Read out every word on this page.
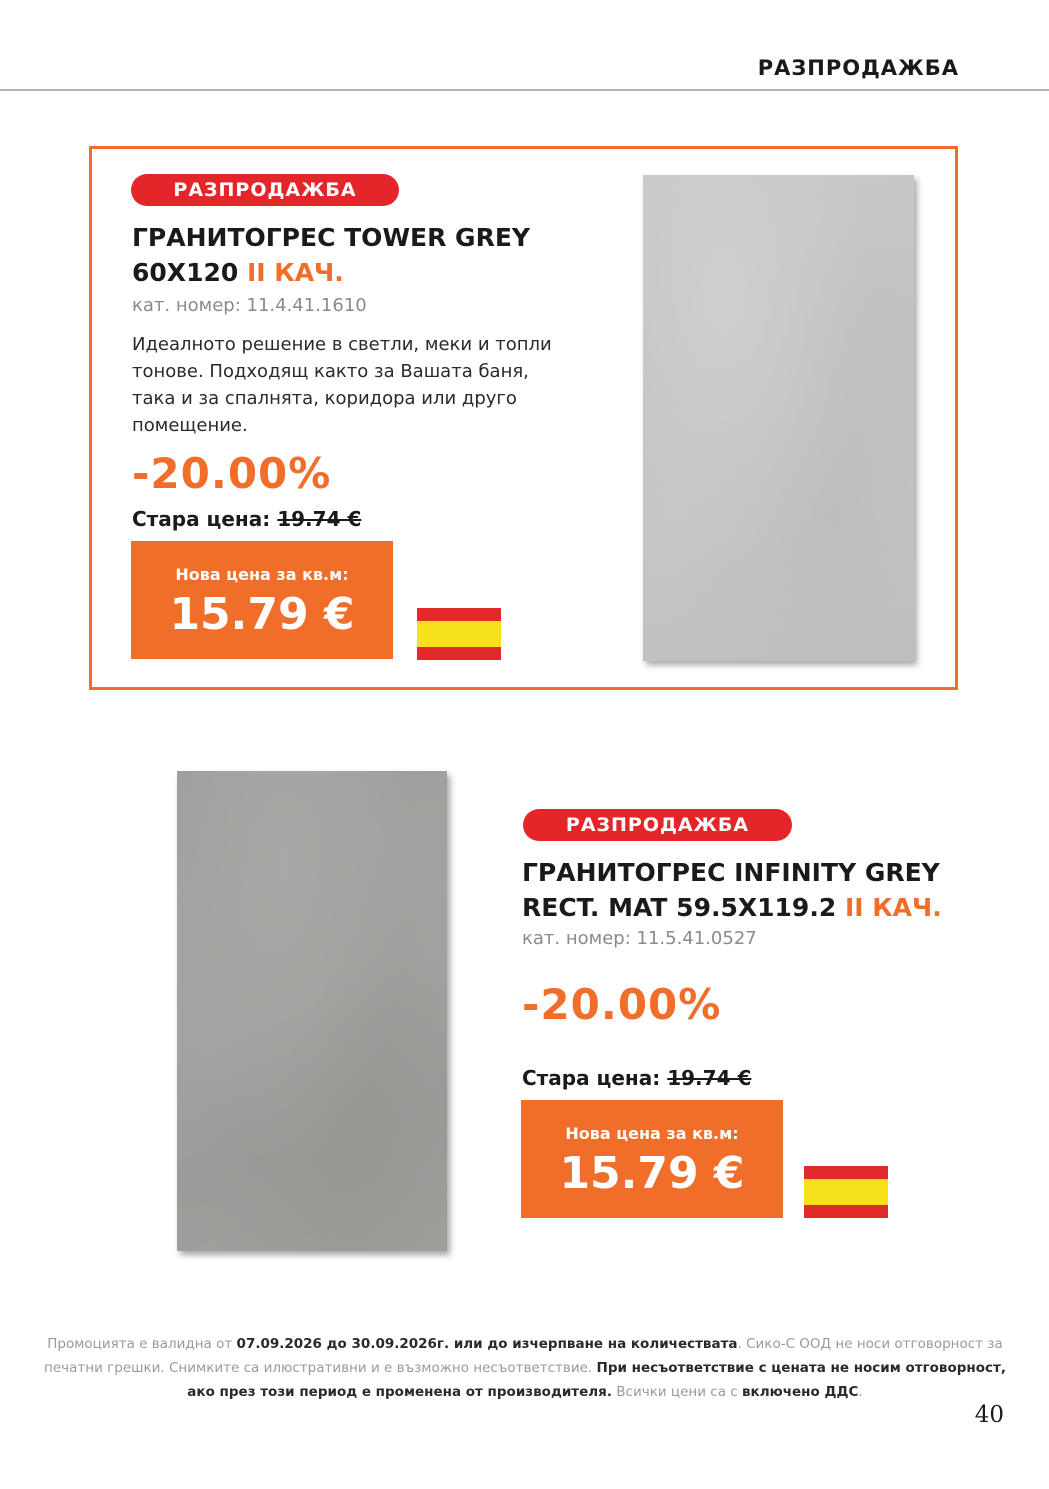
РАЗПРОДАЖБА
РАЗПРОДАЖБА
ГРАНИТОГРЕС TOWER GREY
60X120 II КАЧ.
кат. номер: 11.4.41.1610
Идеалното решение в светли, меки и топли
тонове. Подходящ както за Вашата баня,
така и за спалнята, коридора или друго
помещение.
-20.00%
Стара цена: 19.74 €
Нова цена за кв.м:
15.79 €
РАЗПРОДАЖБА
ГРАНИТОГРЕС INFINITY GREY
RECT. MAT 59.5X119.2 II КАЧ.
кат. номер: 11.5.41.0527
-20.00%
Стара цена: 19.74 €
Нова цена за кв.м:
15.79 €
Промоцията е валидна от 07.09.2026 до 30.09.2026г. или до изчерпване на количествата. Сико-С ООД не носи отговорност за печатни грешки. Снимките са илюстративни и е възможно несъответствие. При несъответствие с цената не носим отговорност, ако през този период е променена от производителя. Всички цени са с включено ДДС.
40
